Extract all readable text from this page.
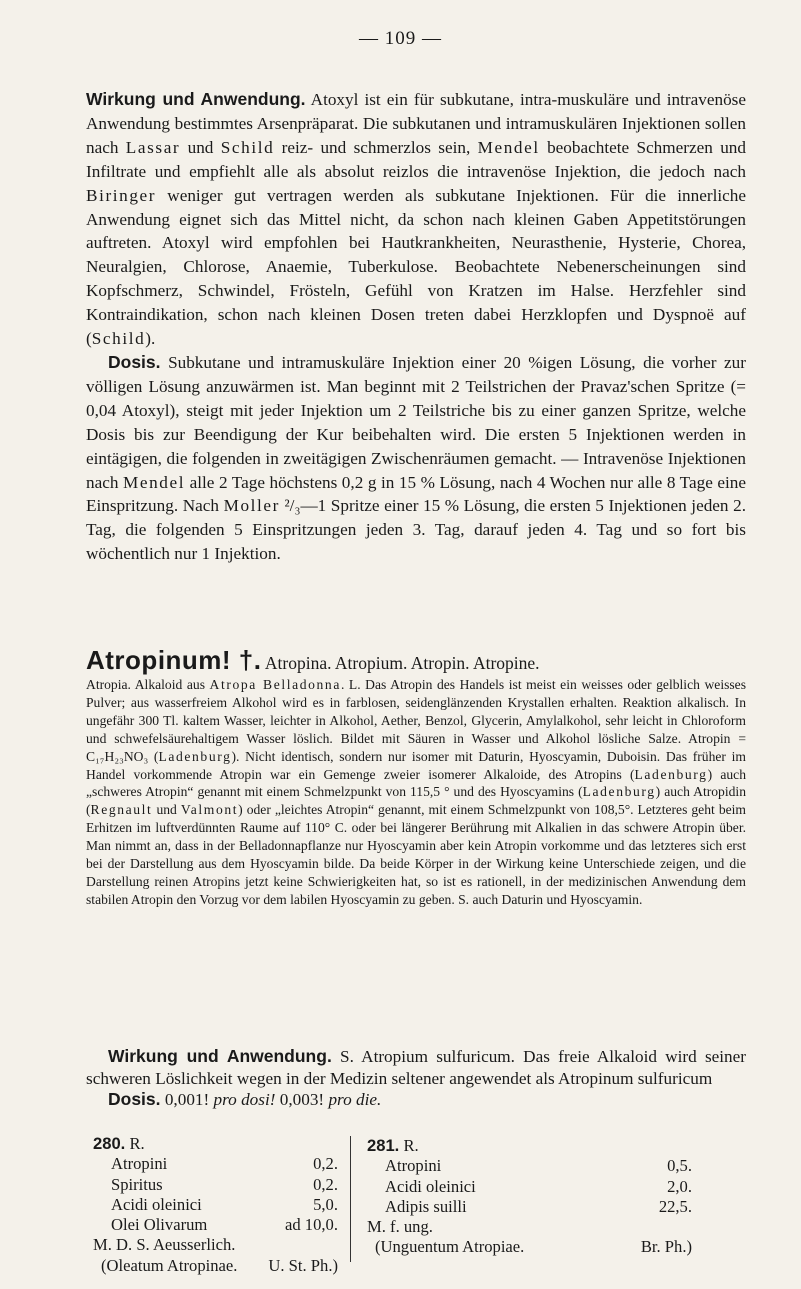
— 109 —

Wirkung und Anwendung. Atoxyl ist ein für subkutane, intra-muskuläre und intravenöse Anwendung bestimmtes Arsenpräparat. Die subkutanen und intramuskulären Injektionen sollen nach Lassar und Schild reiz- und schmerzlos sein, Mendel beobachtete Schmerzen und Infiltrate und empfiehlt alle als absolut reizlos die intravenöse Injektion, die jedoch nach Biringer weniger gut vertragen werden als subkutane Injektionen. Für die innerliche Anwendung eignet sich das Mittel nicht, da schon nach kleinen Gaben Appetitstörungen auftreten. Atoxyl wird empfohlen bei Hautkrankheiten, Neurasthenie, Hysterie, Chorea, Neuralgien, Chlorose, Anaemie, Tuberkulose. Beobachtete Nebenerscheinungen sind Kopfschmerz, Schwindel, Frösteln, Gefühl von Kratzen im Halse. Herzfehler sind Kontraindikation, schon nach kleinen Dosen treten dabei Herzklopfen und Dyspnoë auf (Schild).

Dosis. Subkutane und intramuskuläre Injektion einer 20 %igen Lösung, die vorher zur völligen Lösung anzuwärmen ist. Man beginnt mit 2 Teilstrichen der Pravaz'schen Spritze (= 0,04 Atoxyl), steigt mit jeder Injektion um 2 Teilstriche bis zu einer ganzen Spritze, welche Dosis bis zur Beendigung der Kur beibehalten wird. Die ersten 5 Injektionen werden in eintägigen, die folgenden in zweitägigen Zwischenräumen gemacht. — Intravenöse Injektionen nach Mendel alle 2 Tage höchstens 0,2 g in 15 % Lösung, nach 4 Wochen nur alle 8 Tage eine Einspritzung. Nach Moller ²/₃—1 Spritze einer 15 % Lösung, die ersten 5 Injektionen jeden 2. Tag, die folgenden 5 Einspritzungen jeden 3. Tag, darauf jeden 4. Tag und so fort bis wöchentlich nur 1 Injektion.

Atropinum! †. Atropina. Atropium. Atropin. Atropine.

Atropia. Alkaloid aus Atropa Belladonna. L. Das Atropin des Handels ist meist ein weisses oder gelblich weisses Pulver; aus wasserfreiem Alkohol wird es in farblosen, seidenglänzenden Krystallen erhalten. Reaktion alkalisch. In ungefähr 300 Tl. kaltem Wasser, leichter in Alkohol, Aether, Benzol, Glycerin, Amylalkohol, sehr leicht in Chloroform und schwefelsäurehaltigem Wasser löslich. Bildet mit Säuren in Wasser und Alkohol lösliche Salze. Atropin = C₁₇H₂₃NO₃ (Ladenburg). Nicht identisch, sondern nur isomer mit Daturin, Hyoscyamin, Duboisin. Das früher im Handel vorkommende Atropin war ein Gemenge zweier isomerer Alkaloide, des Atropins (Ladenburg) auch „schweres Atropin“ genannt mit einem Schmelzpunkt von 115,5 ° und des Hyoscyamins (Ladenburg) auch Atropidin (Regnault und Valmont) oder „leichtes Atropin“ genannt, mit einem Schmelzpunkt von 108,5°. Letzteres geht beim Erhitzen im luftverdünnten Raume auf 110° C. oder bei längerer Berührung mit Alkalien in das schwere Atropin über. Man nimmt an, dass in der Belladonnapflanze nur Hyoscyamin aber kein Atropin vorkomme und das letzteres sich erst bei der Darstellung aus dem Hyoscyamin bilde. Da beide Körper in der Wirkung keine Unterschiede zeigen, und die Darstellung reinen Atropins jetzt keine Schwierigkeiten hat, so ist es rationell, in der medizinischen Anwendung dem stabilen Atropin den Vorzug vor dem labilen Hyoscyamin zu geben. S. auch Daturin und Hyoscyamin.

Wirkung und Anwendung. S. Atropium sulfuricum. Das freie Alkaloid wird seiner schweren Löslichkeit wegen in der Medizin seltener angewendet als Atropinum sulfuricum

Dosis. 0,001! pro dosi! 0,003! pro die.

280. R.
Atropini	0,2.
Spiritus	0,2.
Acidi oleinici	5,0.
Olei Olivarum	ad 10,0.
M. D. S. Aeusserlich.
(Oleatum Atropinae. U. St. Ph.)
281. R.
Atropini	0,5.
Acidi oleinici	2,0.
Adipis suilli	22,5.
M. f. ung.
(Unguentum Atropiae.	Br. Ph.)
